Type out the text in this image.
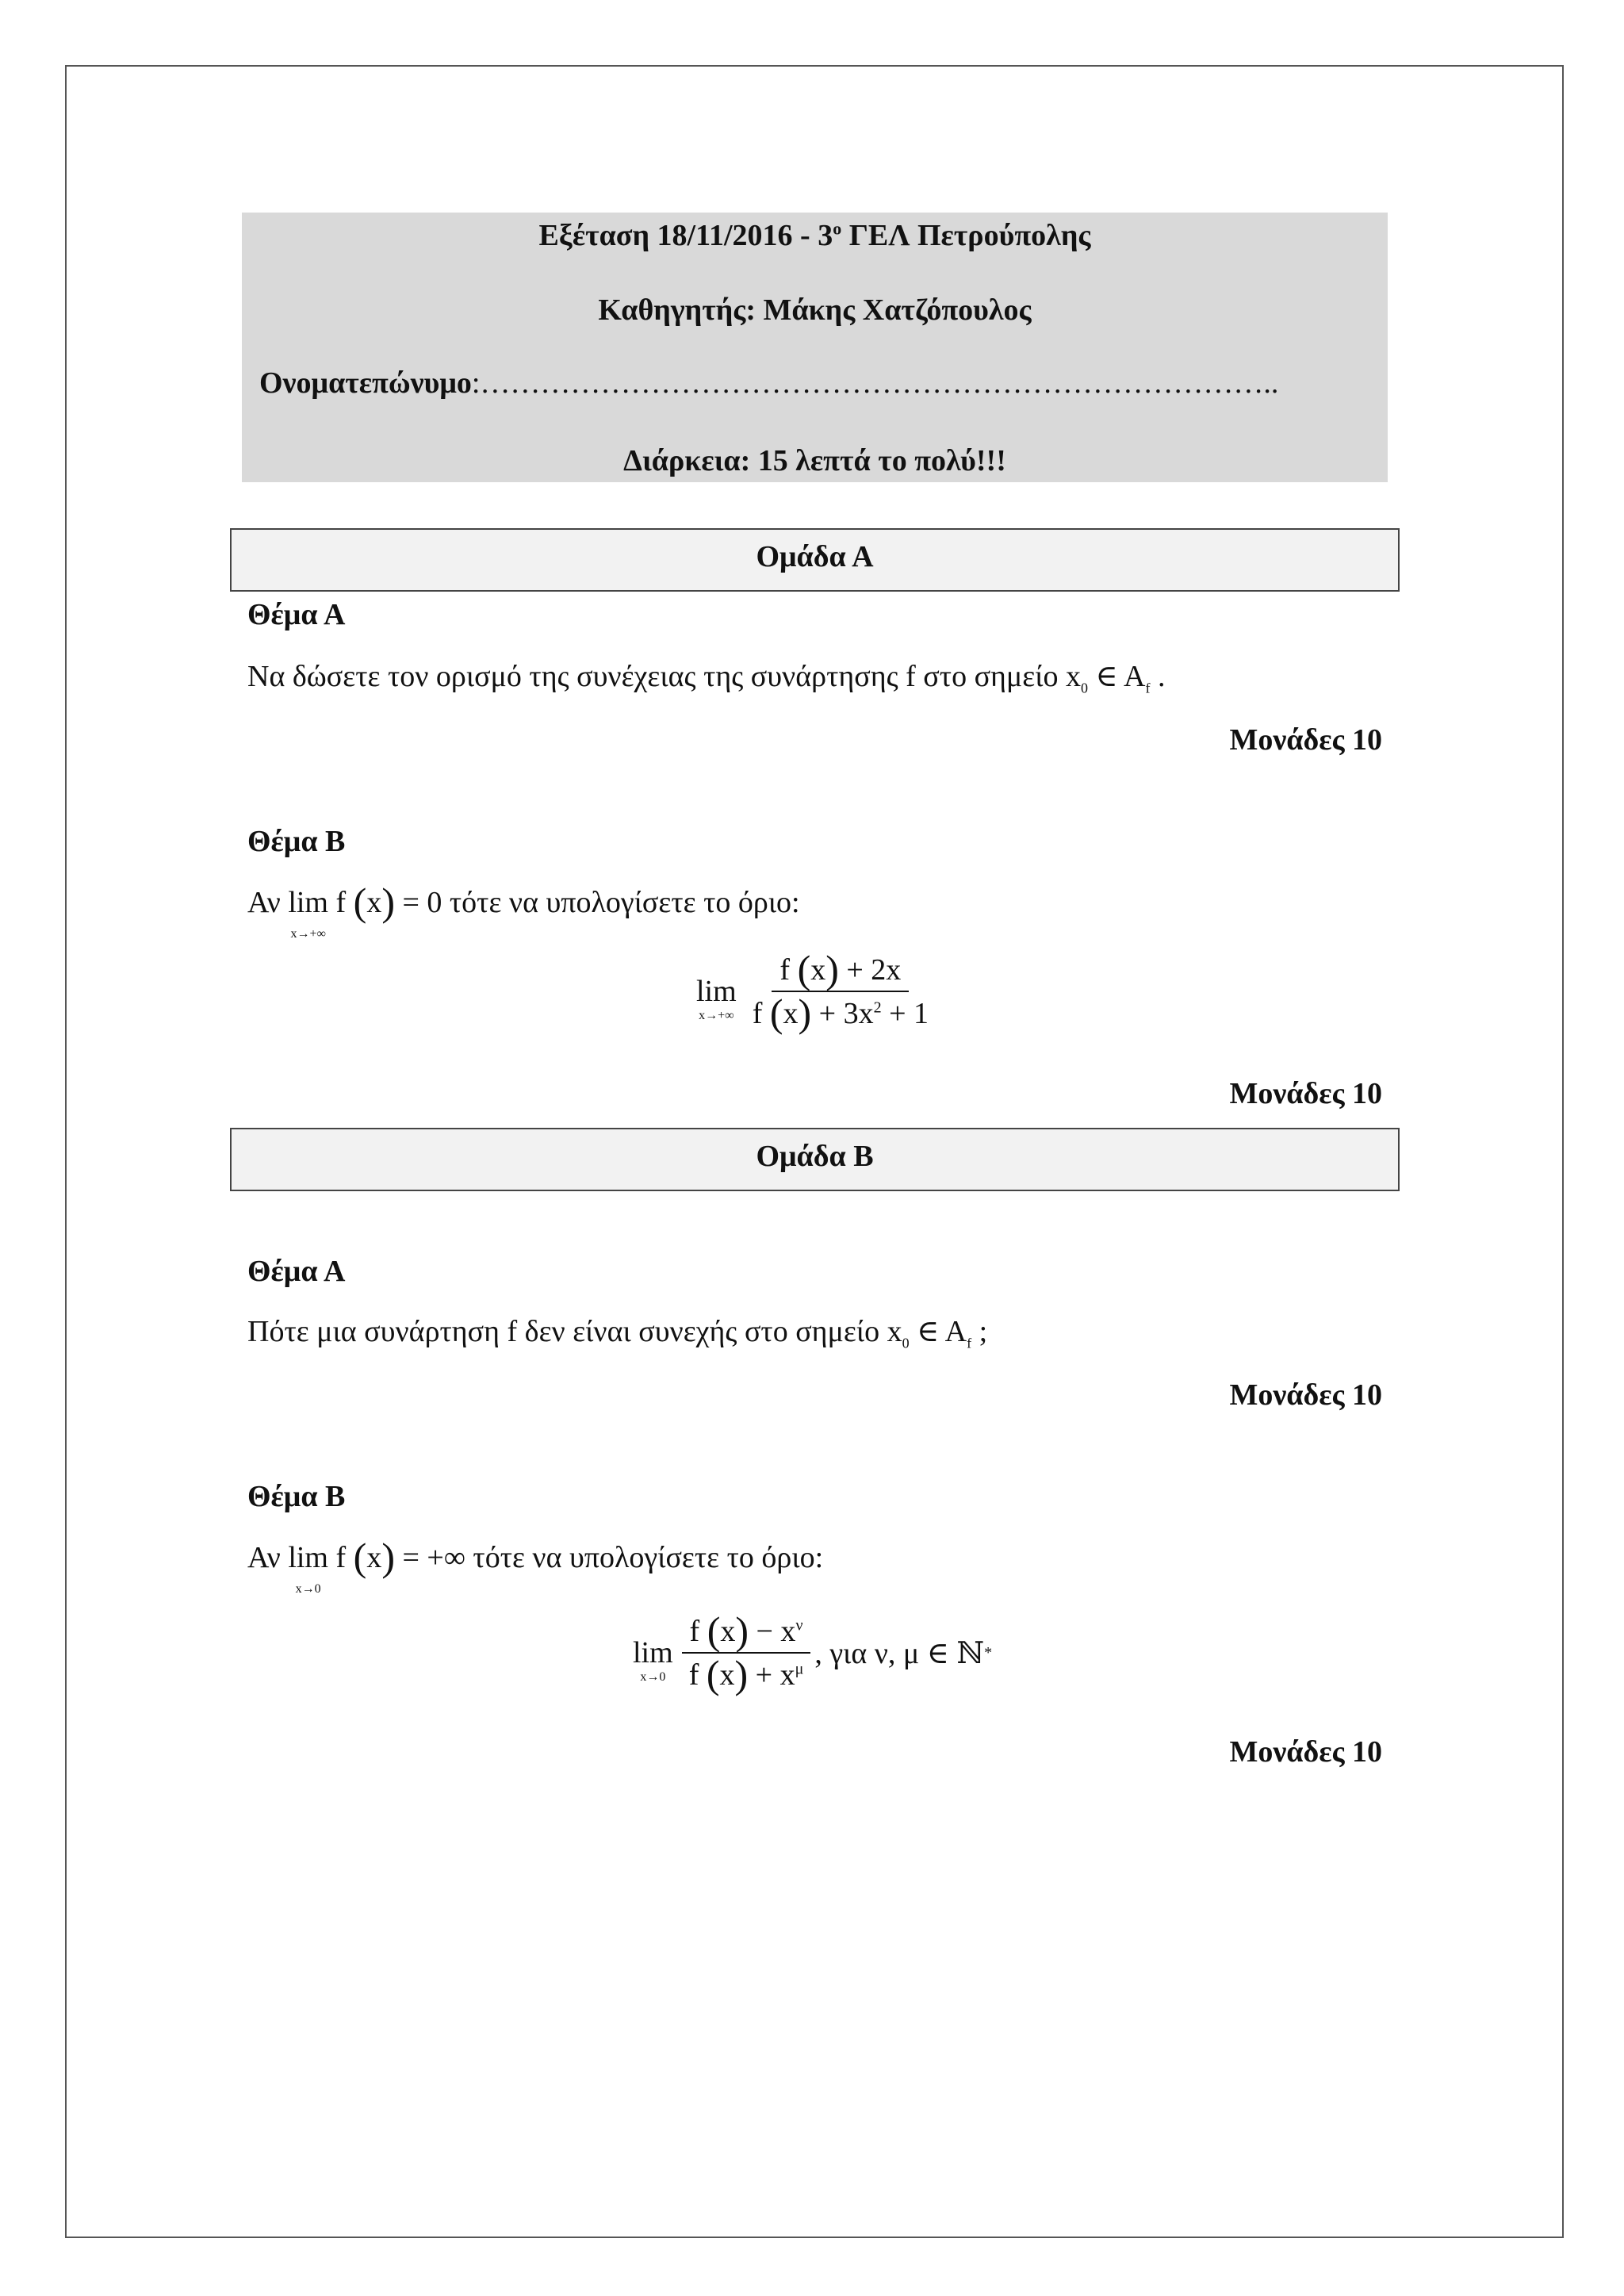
Εξέταση $18/11/2016 - 3^o$ ΓΕΛ Πετρούπολης
Καθηγητής: Μάκης Χατζόπουλος
Ονοματεπώνυμο:……………………………………………………………………..
Διάρκεια: 15 λεπτά το πολύ!!!
Ομάδα Α
Θέμα Α
Να δώσετε τον ορισμό της συνέχειας της συνάρτησης f στο σημείο $x_0$ ∈ $A_f$ .
Μονάδες 10
Θέμα Β
Αν lim
x→+∞
f (x) = 0 τότε να υπολογίσετε το όριο:
lim
$x\to+\infty \frac{f (x) + 2x}{f (x) + 3x^2 + 1}$
Μονάδες 10
Ομάδα Β
Θέμα Α
Πότε μια συνάρτηση f δεν είναι συνεχής στο σημείο $x_0$ ∈ $A_f$ ;
Μονάδες 10
Θέμα Β
Αν lim
x→0
f (x) = +∞ τότε να υπολογίσετε το όριο:
lim
$x\to 0 \frac{f (x) - x^\nu}{f (x) + x^\mu}$ , για ν, μ ∈ ℕ *
Μονάδες 10
